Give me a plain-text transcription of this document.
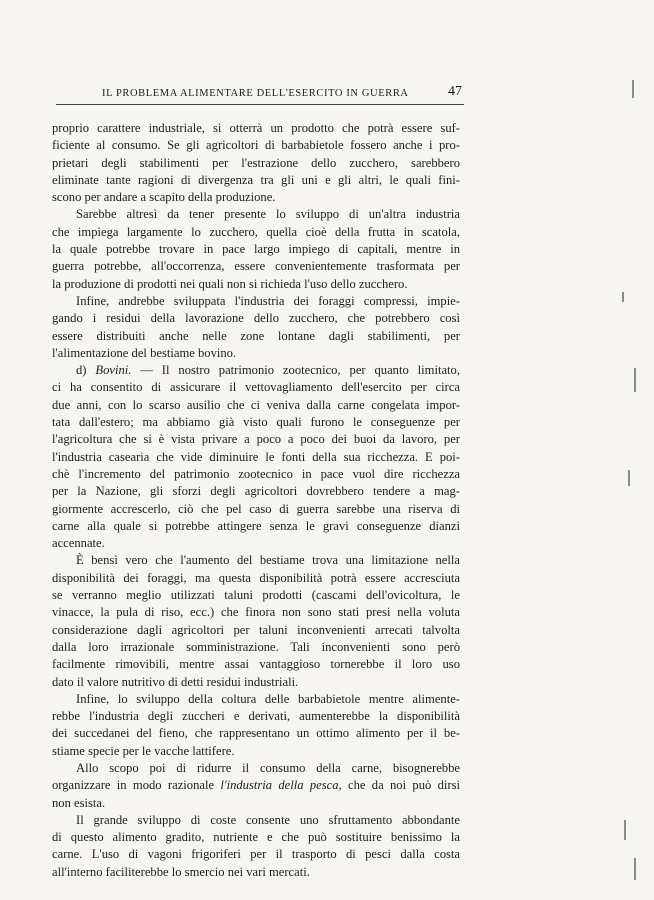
IL PROBLEMA ALIMENTARE DELL'ESERCITO IN GUERRA	47
proprio carattere industriale, si otterrà un prodotto che potrà essere suf-
ficiente al consumo. Se gli agricoltori di barbabietole fossero anche i pro-
prietari degli stabilimenti per l'estrazione dello zucchero, sarebbero
eliminate tante ragioni di divergenza tra gli uni e gli altri, le quali fini-
scono per andare a scapito della produzione.
Sarebbe altresì da tener presente lo sviluppo di un'altra industria
che impiega largamente lo zucchero, quella cioè della frutta in scatola,
la quale potrebbe trovare in pace largo impiego di capitali, mentre in
guerra potrebbe, all'occorrenza, essere convenientemente trasformata per
la produzione di prodotti nei quali non si richieda l'uso dello zucchero.
Infine, andrebbe sviluppata l'industria dei foraggi compressi, impie-
gando i residui della lavorazione dello zucchero, che potrebbero così
essere distribuiti anche nelle zone lontane dagli stabilimenti, per
l'alimentazione del bestiame bovino.
d) Bovini. — Il nostro patrimonio zootecnico, per quanto limitato,
ci ha consentito di assicurare il vettovagliamento dell'esercito per circa
due anni, con lo scarso ausilio che ci veniva dalla carne congelata impor-
tata dall'estero; ma abbiamo già visto quali furono le conseguenze per
l'agricoltura che si è vista privare a poco a poco dei buoi da lavoro, per
l'industria casearia che vide diminuire le fonti della sua ricchezza. E poi-
chè l'incremento del patrimonio zootecnico in pace vuol dire ricchezza
per la Nazione, gli sforzi degli agricoltori dovrebbero tendere a mag-
giormente accrescerlo, ciò che pel caso di guerra sarebbe una riserva di
carne alla quale si potrebbe attingere senza le gravi conseguenze dianzi
accennate.
È bensì vero che l'aumento del bestiame trova una limitazione nella
disponibilità dei foraggi, ma questa disponibilità potrà essere accresciuta
se verranno meglio utilizzati taluni prodotti (cascami dell'ovicoltura, le
vinacce, la pula di riso, ecc.) che finora non sono stati presi nella voluta
considerazione dagli agricoltori per taluni inconvenienti arrecati talvolta
dalla loro irrazionale somministrazione. Tali inconvenienti sono però
facilmente rimovibili, mentre assai vantaggioso tornerebbe il loro uso
dato il valore nutritivo di detti residui industriali.
Infine, lo sviluppo della coltura delle barbabietole mentre alimente-
rebbe l'industria degli zuccheri e derivati, aumenterebbe la disponibilità
dei succedanei del fieno, che rappresentano un ottimo alimento per il be-
stiame specie per le vacche lattifere.
Allo scopo poi di ridurre il consumo della carne, bisognerebbe
organizzare in modo razionale l'industria della pesca, che da noi può dirsi
non esista.
Il grande sviluppo di coste consente uno sfruttamento abbondante
di questo alimento gradito, nutriente e che può sostituire benissimo la
carne. L'uso di vagoni frigoriferi per il trasporto di pesci dalla costa
all'interno faciliterebbe lo smercio nei vari mercati.
